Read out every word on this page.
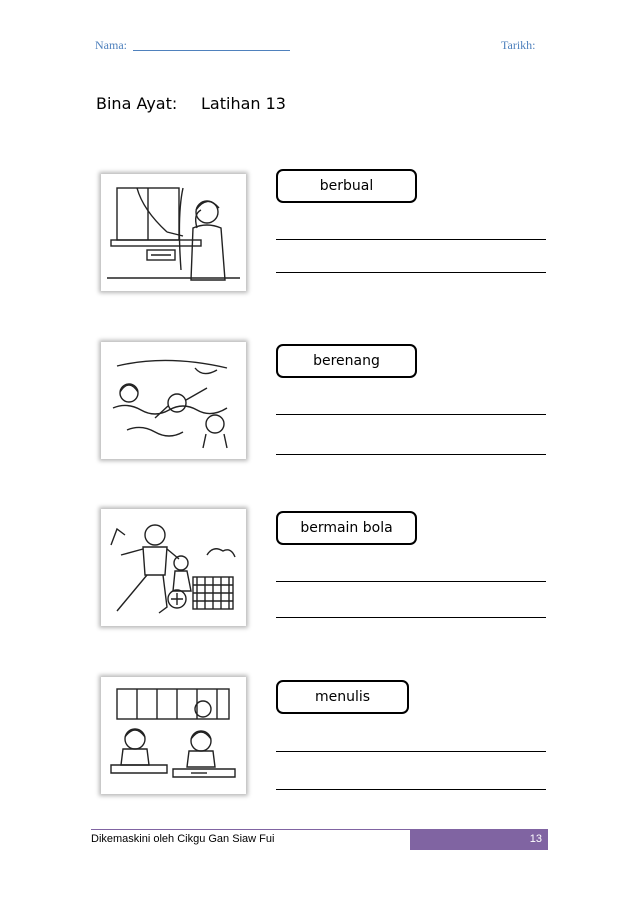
Nama:	Tarikh:
Bina Ayat: Latihan 13
berbual
berenang
bermain bola
menulis
Dikemaskini oleh Cikgu Gan Siaw Fui	13
